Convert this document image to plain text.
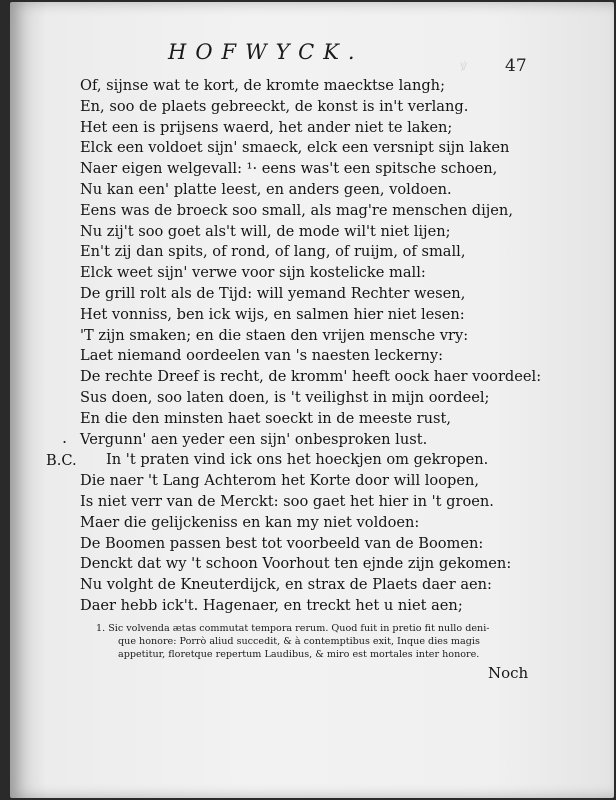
HOFWYCK.
47
ꝟ
Of, sijnse wat te kort, de kromte maecktse langh;
En, soo de plaets gebreeckt, de konst is in't verlang.
Het een is prijsens waerd, het ander niet te laken;
Elck een voldoet sijn' smaeck, elck een versnipt sijn laken
Naer eigen welgevall: ¹· eens was't een spitsche schoen,
Nu kan een' platte leest, en anders geen, voldoen.
Eens was de broeck soo small, als mag're menschen dijen,
Nu zij't soo goet als't will, de mode wil't niet lijen;
En't zij dan spits, of rond, of lang, of ruijm, of small,
Elck weet sijn' verwe voor sijn kostelicke mall:
De grill rolt als de Tijd: will yemand Rechter wesen,
Het vonniss, ben ick wijs, en salmen hier niet lesen:
'T zijn smaken; en die staen den vrijen mensche vry:
Laet niemand oordeelen van 's naesten leckerny:
De rechte Dreef is recht, de kromm' heeft oock haer voordeel:
Sus doen, soo laten doen, is 't veilighst in mijn oordeel;
En die den minsten haet soeckt in de meeste rust,
Vergunn' aen yeder een sijn' onbesproken lust.
In 't praten vind ick ons het hoeckjen om gekropen.
Die naer 't Lang Achterom het Korte door will loopen,
Is niet verr van de Merckt: soo gaet het hier in 't groen.
Maer die gelijckeniss en kan my niet voldoen:
De Boomen passen best tot voorbeeld van de Boomen:
Denckt dat wy 't schoon Voorhout ten ejnde zijn gekomen:
Nu volght de Kneuterdijck, en strax de Plaets daer aen:
Daer hebb ick't. Hagenaer, en treckt het u niet aen;
.
B.C.
1. Sic volvenda ætas commutat tempora rerum. Quod fuit in pretio fit nullo deni-
que honore: Porrò aliud succedit, & à contemptibus exit, Inque dies magis
appetitur, floretque repertum Laudibus, & miro est mortales inter honore.
Noch
